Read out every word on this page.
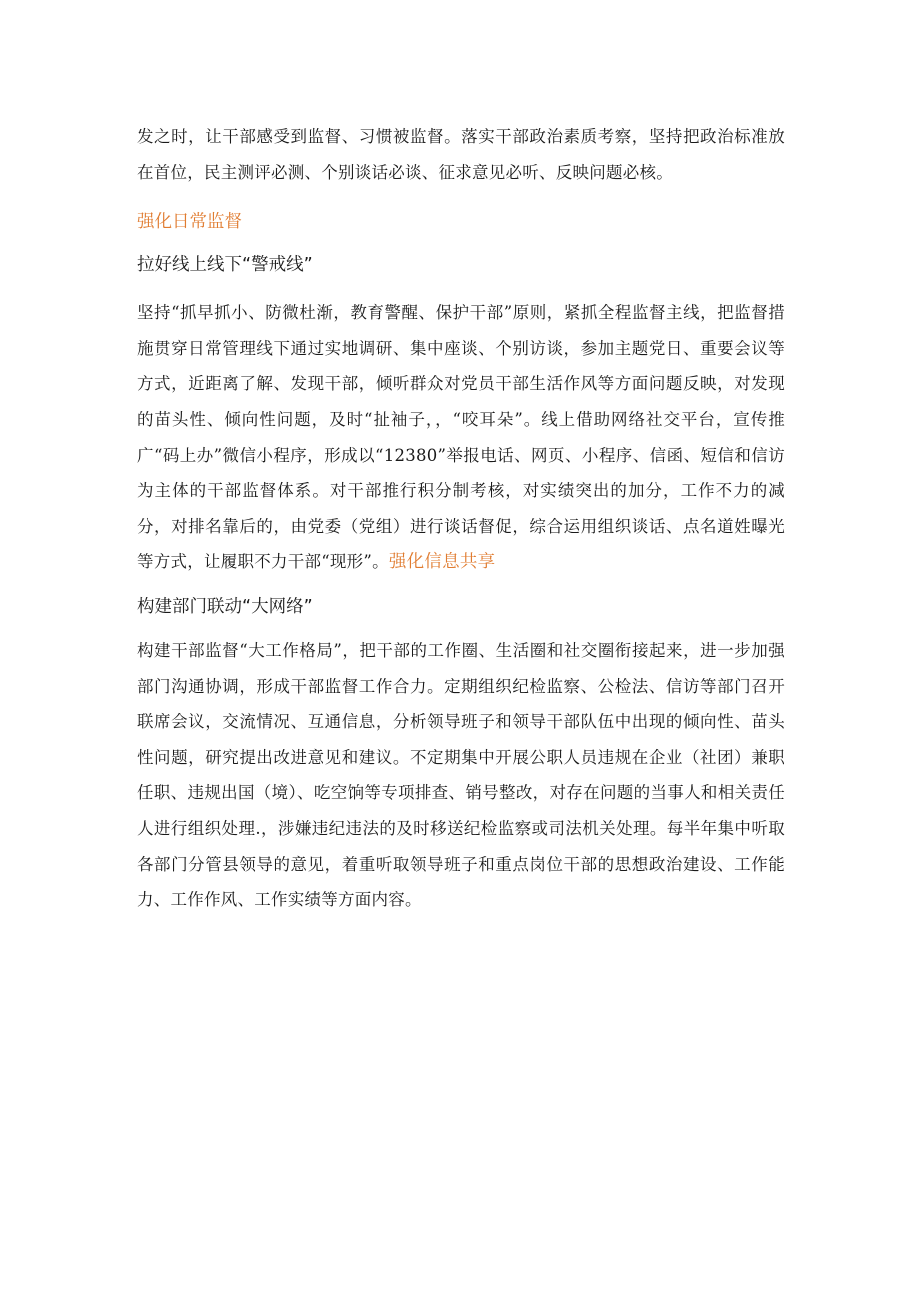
发之时，让干部感受到监督、习惯被监督。落实干部政治素质考察，坚持把政治标准放在首位，民主测评必测、个别谈话必谈、征求意见必听、反映问题必核。

强化日常监督

拉好线上线下“警戒线”

坚持“抓早抓小、防微杜渐，教育警醒、保护干部”原则，紧抓全程监督主线，把监督措施贯穿日常管理线下通过实地调研、集中座谈、个别访谈，参加主题党日、重要会议等方式，近距离了解、发现干部，倾听群众对党员干部生活作风等方面问题反映，对发现的苗头性、倾向性问题，及时“扯袖子，，“咬耳朵”。线上借助网络社交平台，宣传推广“码上办”微信小程序，形成以“12380”举报电话、网页、小程序、信函、短信和信访为主体的干部监督体系。对干部推行积分制考核，对实绩突出的加分，工作不力的减分，对排名靠后的，由党委（党组）进行谈话督促，综合运用组织谈话、点名道姓曝光等方式，让履职不力干部“现形”。强化信息共享

构建部门联动“大网络”

构建干部监督“大工作格局”，把干部的工作圈、生活圈和社交圈衔接起来，进一步加强部门沟通协调，形成干部监督工作合力。定期组织纪检监察、公检法、信访等部门召开联席会议，交流情况、互通信息，分析领导班子和领导干部队伍中出现的倾向性、苗头性问题，研究提出改进意见和建议。不定期集中开展公职人员违规在企业（社团）兼职任职、违规出国（境）、吃空饷等专项排查、销号整改，对存在问题的当事人和相关责任人进行组织处理.，涉嫌违纪违法的及时移送纪检监察或司法机关处理。每半年集中听取各部门分管县领导的意见，着重听取领导班子和重点岗位干部的思想政治建设、工作能力、工作作风、工作实绩等方面内容。
